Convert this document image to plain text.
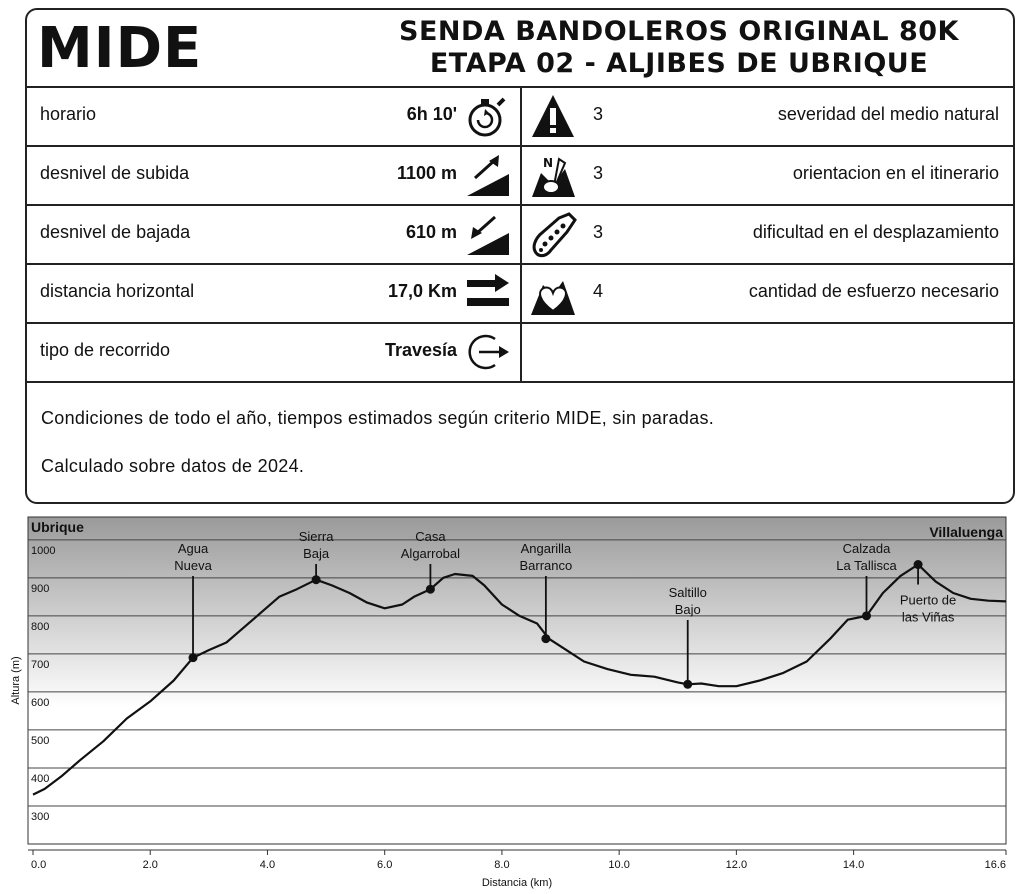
MIDE	SENDA BANDOLEROS ORIGINAL 80K
ETAPA 02 - ALJIBES DE UBRIQUE
horario	6h 10'	3	severidad del medio natural
desnivel de subida	1100 m	N 3	orientacion en el itinerario
desnivel de bajada	610 m	3	dificultad en el desplazamiento
distancia horizontal	17,0 Km	4	cantidad de esfuerzo necesario
tipo de recorrido	Travesía
Condiciones de todo el año, tiempos estimados según criterio MIDE, sin paradas.
Calculado sobre datos de 2024.
1000
900
800
700
600
500
400
300
0.0	2.0	4.0	6.0	8.0	10.0	12.0	14.0	16.6
Distancia (km)
Altura (m)
Ubrique	Villaluenga
Agua
Nueva
Sierra
Baja
Casa
Algarrobal	Angarilla
Barranco
Saltillo
Bajo
Calzada
La Tallisca
Puerto de
las Viñas
